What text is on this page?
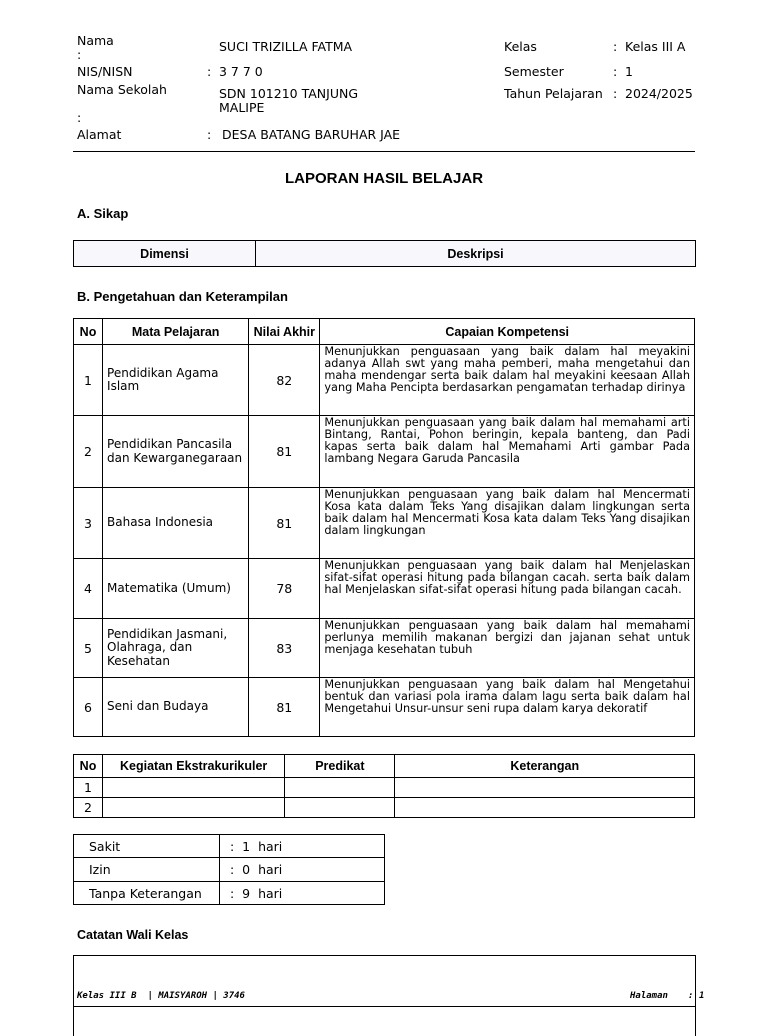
Nama
:
SUCI TRIZILLA FATMA
NIS/NISN	: 3 7 7 0
Nama Sekolah
:
SDN 101210 TANJUNG
MALIPE
Alamat	: DESA BATANG BARUHAR JAE
Kelas	: Kelas III A
Semester	: 1
Tahun Pelajaran : 2024/2025
LAPORAN HASIL BELAJAR
A. Sikap
Dimensi	Deskripsi
B. Pengetahuan dan Keterampilan
No	Mata Pelajaran	Nilai Akhir	Capaian Kompetensi
1	Pendidikan Agama Islam	82	Menunjukkan penguasaan yang baik dalam hal meyakini adanya Allah swt yang maha pemberi, maha mengetahui dan maha mendengar serta baik dalam hal meyakini keesaan Allah yang Maha Pencipta berdasarkan pengamatan terhadap dirinya
2	Pendidikan Pancasila dan Kewarganegaraan	81	Menunjukkan penguasaan yang baik dalam hal memahami arti Bintang, Rantai, Pohon beringin, kepala banteng, dan Padi kapas serta baik dalam hal Memahami Arti gambar Pada lambang Negara Garuda Pancasila
3	Bahasa Indonesia	81	Menunjukkan penguasaan yang baik dalam hal Mencermati Kosa kata dalam Teks Yang disajikan dalam lingkungan serta baik dalam hal Mencermati Kosa kata dalam Teks Yang disajikan dalam lingkungan
4	Matematika (Umum)	78	Menunjukkan penguasaan yang baik dalam hal Menjelaskan sifat-sifat operasi hitung pada bilangan cacah. serta baik dalam hal Menjelaskan sifat-sifat operasi hitung pada bilangan cacah.
5	Pendidikan Jasmani, Olahraga, dan Kesehatan	83	Menunjukkan penguasaan yang baik dalam hal memahami perlunya memilih makanan bergizi dan jajanan sehat untuk menjaga kesehatan tubuh
6	Seni dan Budaya	81	Menunjukkan penguasaan yang baik dalam hal Mengetahui bentuk dan variasi pola irama dalam lagu serta baik dalam hal Mengetahui Unsur-unsur seni rupa dalam karya dekoratif
No	Kegiatan Ekstrakurikuler	Predikat	Keterangan
1			
2			
Sakit	: 1  hari
Izin	: 0  hari
Tanpa Keterangan	: 9  hari
Catatan Wali Kelas
Kelas III B  | MAISYAROH | 3746	Halaman : 1
